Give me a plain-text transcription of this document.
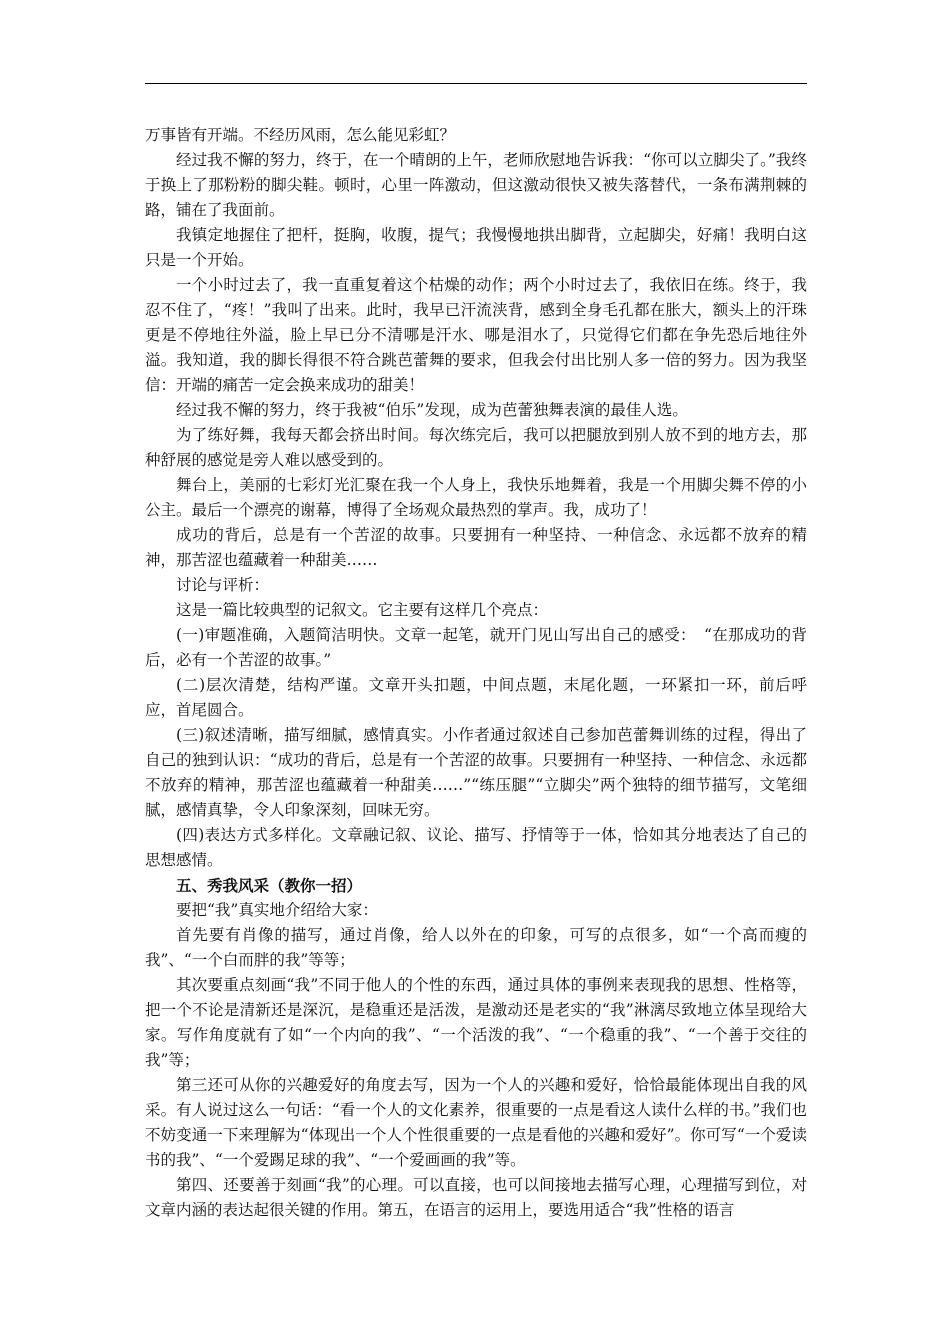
万事皆有开端。不经历风雨，怎么能见彩虹？

经过我不懈的努力，终于，在一个晴朗的上午，老师欣慰地告诉我：“你可以立脚尖了。”我终于换上了那粉粉的脚尖鞋。顿时，心里一阵激动，但这激动很快又被失落替代，一条布满荆棘的路，铺在了我面前。

我镇定地握住了把杆，挺胸，收腹，提气；我慢慢地拱出脚背，立起脚尖，好痛！我明白这只是一个开始。

一个小时过去了，我一直重复着这个枯燥的动作；两个小时过去了，我依旧在练。终于，我忍不住了，“疼！”我叫了出来。此时，我早已汗流浃背，感到全身毛孔都在胀大，额头上的汗珠更是不停地往外溢，脸上早已分不清哪是汗水、哪是泪水了，只觉得它们都在争先恐后地往外溢。我知道，我的脚长得很不符合跳芭蕾舞的要求，但我会付出比别人多一倍的努力。因为我坚信：开端的痛苦一定会换来成功的甜美！

经过我不懈的努力，终于我被“伯乐”发现，成为芭蕾独舞表演的最佳人选。

为了练好舞，我每天都会挤出时间。每次练完后，我可以把腿放到别人放不到的地方去，那种舒展的感觉是旁人难以感受到的。

舞台上，美丽的七彩灯光汇聚在我一个人身上，我快乐地舞着，我是一个用脚尖舞不停的小公主。最后一个漂亮的谢幕，博得了全场观众最热烈的掌声。我，成功了！

成功的背后，总是有一个苦涩的故事。只要拥有一种坚持、一种信念、永远都不放弃的精神，那苦涩也蕴藏着一种甜美……

讨论与评析：

这是一篇比较典型的记叙文。它主要有这样几个亮点：

(一)审题准确，入题简洁明快。文章一起笔，就开门见山写出自己的感受：　“在那成功的背后，必有一个苦涩的故事。”

(二)层次清楚，结构严谨。文章开头扣题，中间点题，末尾化题，一环紧扣一环，前后呼应，首尾圆合。

(三)叙述清晰，描写细腻，感情真实。小作者通过叙述自己参加芭蕾舞训练的过程，得出了自己的独到认识：“成功的背后，总是有一个苦涩的故事。只要拥有一种坚持、一种信念、永远都不放弃的精神，那苦涩也蕴藏着一种甜美……”“练压腿”“立脚尖”两个独特的细节描写，文笔细腻，感情真挚，令人印象深刻，回味无穷。

(四)表达方式多样化。文章融记叙、议论、描写、抒情等于一体，恰如其分地表达了自己的思想感情。

五、秀我风采（教你一招）

要把“我”真实地介绍给大家：

首先要有肖像的描写，通过肖像，给人以外在的印象，可写的点很多，如“一个高而瘦的我”、“一个白而胖的我”等等；

其次要重点刻画“我”不同于他人的个性的东西，通过具体的事例来表现我的思想、性格等，把一个不论是清新还是深沉，是稳重还是活泼，是激动还是老实的“我”淋漓尽致地立体呈现给大家。写作角度就有了如“一个内向的我”、“一个活泼的我”、“一个稳重的我”、“一个善于交往的我”等；

第三还可从你的兴趣爱好的角度去写，因为一个人的兴趣和爱好，恰恰最能体现出自我的风采。有人说过这么一句话：“看一个人的文化素养，很重要的一点是看这人读什么样的书。”我们也不妨变通一下来理解为“体现出一个人个性很重要的一点是看他的兴趣和爱好”。你可写“一个爱读书的我”、“一个爱踢足球的我”、“一个爱画画的我”等。

第四、还要善于刻画“我”的心理。可以直接，也可以间接地去描写心理，心理描写到位，对文章内涵的表达起很关键的作用。第五，在语言的运用上，要选用适合“我”性格的语言
